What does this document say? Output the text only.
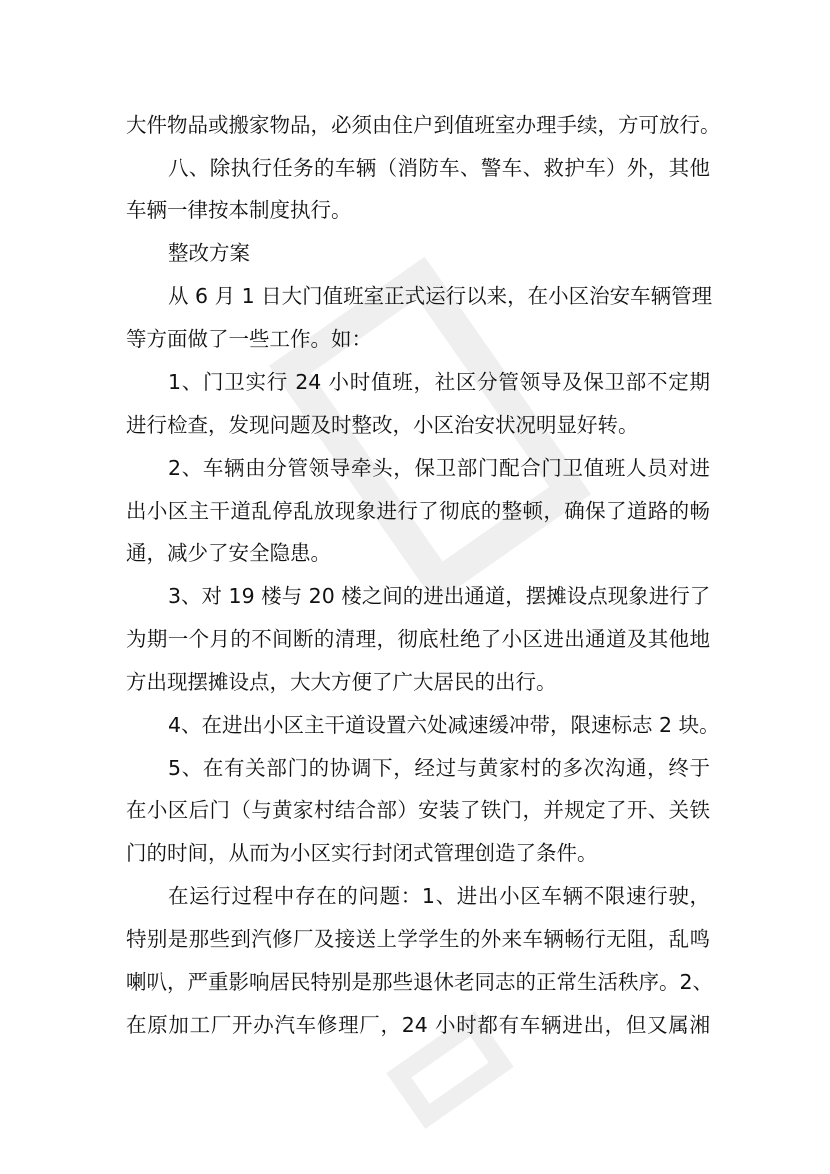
大件物品或搬家物品，必须由住户到值班室办理手续，方可放行。
八、除执行任务的车辆（消防车、警车、救护车）外，其他
车辆一律按本制度执行。
整改方案
从 6 月 1 日大门值班室正式运行以来，在小区治安车辆管理
等方面做了一些工作。如：
1、门卫实行 24 小时值班，社区分管领导及保卫部不定期
进行检查，发现问题及时整改，小区治安状况明显好转。
2、车辆由分管领导牵头，保卫部门配合门卫值班人员对进
出小区主干道乱停乱放现象进行了彻底的整顿，确保了道路的畅
通，减少了安全隐患。
3、对 19 楼与 20 楼之间的进出通道，摆摊设点现象进行了
为期一个月的不间断的清理，彻底杜绝了小区进出通道及其他地
方出现摆摊设点，大大方便了广大居民的出行。
4、在进出小区主干道设置六处减速缓冲带，限速标志 2 块。
5、在有关部门的协调下，经过与黄家村的多次沟通，终于
在小区后门（与黄家村结合部）安装了铁门，并规定了开、关铁
门的时间，从而为小区实行封闭式管理创造了条件。
在运行过程中存在的问题：1、进出小区车辆不限速行驶，
特别是那些到汽修厂及接送上学学生的外来车辆畅行无阻，乱鸣
喇叭，严重影响居民特别是那些退休老同志的正常生活秩序。2、
在原加工厂开办汽车修理厂，24 小时都有车辆进出，但又属湘
